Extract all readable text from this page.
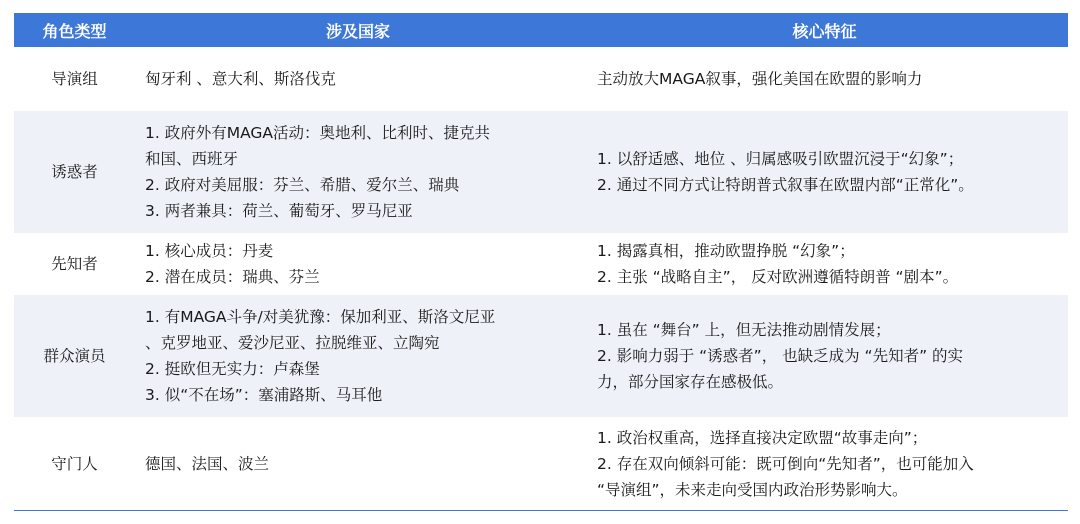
角色类型	涉及国家	核心特征
导演组	匈牙利 、意大利、斯洛伐克	主动放大MAGA叙事，强化美国在欧盟的影响力

诱惑者	1. 政府外有MAGA活动：奥地利、比利时、捷克共
和国、西班牙
2. 政府对美屈服：芬兰、希腊、爱尔兰、瑞典
3. 两者兼具：荷兰、葡萄牙、罗马尼亚	1. 以舒适感、地位 、归属感吸引欧盟沉浸于“幻象”；
2. 通过不同方式让特朗普式叙事在欧盟内部“正常化”。

先知者	1. 核心成员：丹麦
2. 潜在成员：瑞典、芬兰	1. 揭露真相，推动欧盟挣脱 “幻象”；
2. 主张 “战略自主”， 反对欧洲遵循特朗普 “剧本”。

群众演员	1. 有MAGA斗争/对美犹豫：保加利亚、斯洛文尼亚
、克罗地亚、爱沙尼亚、拉脱维亚、立陶宛
2. 挺欧但无实力：卢森堡
3. 似“不在场”：塞浦路斯、马耳他	1. 虽在 “舞台” 上，但无法推动剧情发展；
2. 影响力弱于 “诱惑者”， 也缺乏成为 “先知者” 的实
力，部分国家存在感极低。

守门人	德国、法国、波兰	1. 政治权重高，选择直接决定欧盟“故事走向”；
2. 存在双向倾斜可能：既可倒向“先知者”，也可能加入
“导演组”，未来走向受国内政治形势影响大。
